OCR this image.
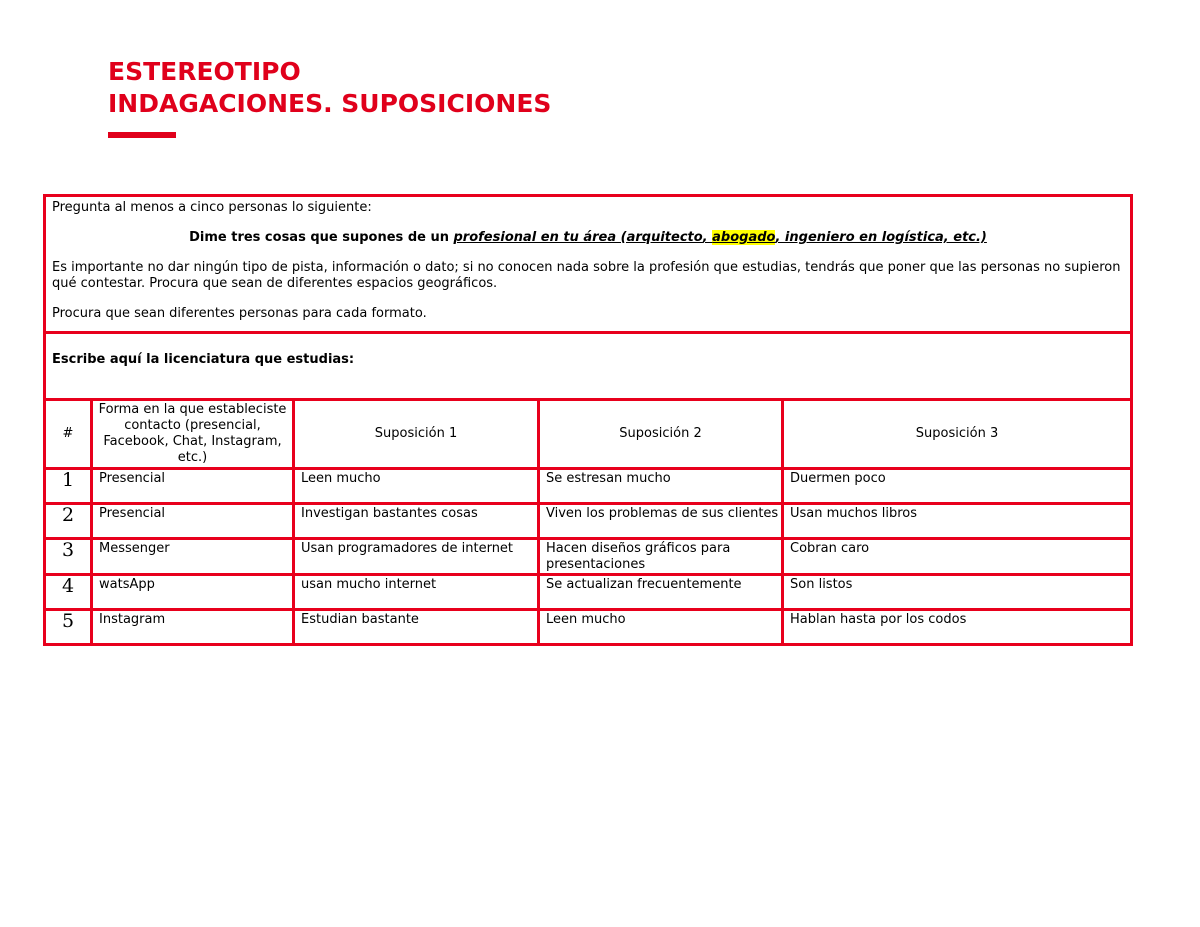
ESTEREOTIPO
INDAGACIONES. SUPOSICIONES

Pregunta al menos a cinco personas lo siguiente:

Dime tres cosas que supones de un profesional en tu área (arquitecto, abogado, ingeniero en logística, etc.)

Es importante no dar ningún tipo de pista, información o dato; si no conocen nada sobre la profesión que estudias, tendrás que poner que las personas no supieron qué contestar. Procura que sean de diferentes espacios geográficos.

Procura que sean diferentes personas para cada formato.				

Escribe aquí la licenciatura que estudias:				
#	Forma en la que estableciste contacto (presencial, Facebook, Chat, Instagram, etc.)	Suposición 1	Suposición 2	Suposición 3
1	Presencial	Leen mucho	Se estresan mucho	Duermen poco
2	Presencial	Investigan bastantes cosas	Viven los problemas de sus clientes	Usan muchos libros
3	Messenger	Usan programadores de internet	Hacen diseños gráficos para presentaciones	Cobran caro
4	watsApp	usan mucho internet	Se actualizan frecuentemente	Son listos
5	Instagram	Estudian bastante	Leen mucho	Hablan hasta por los codos
